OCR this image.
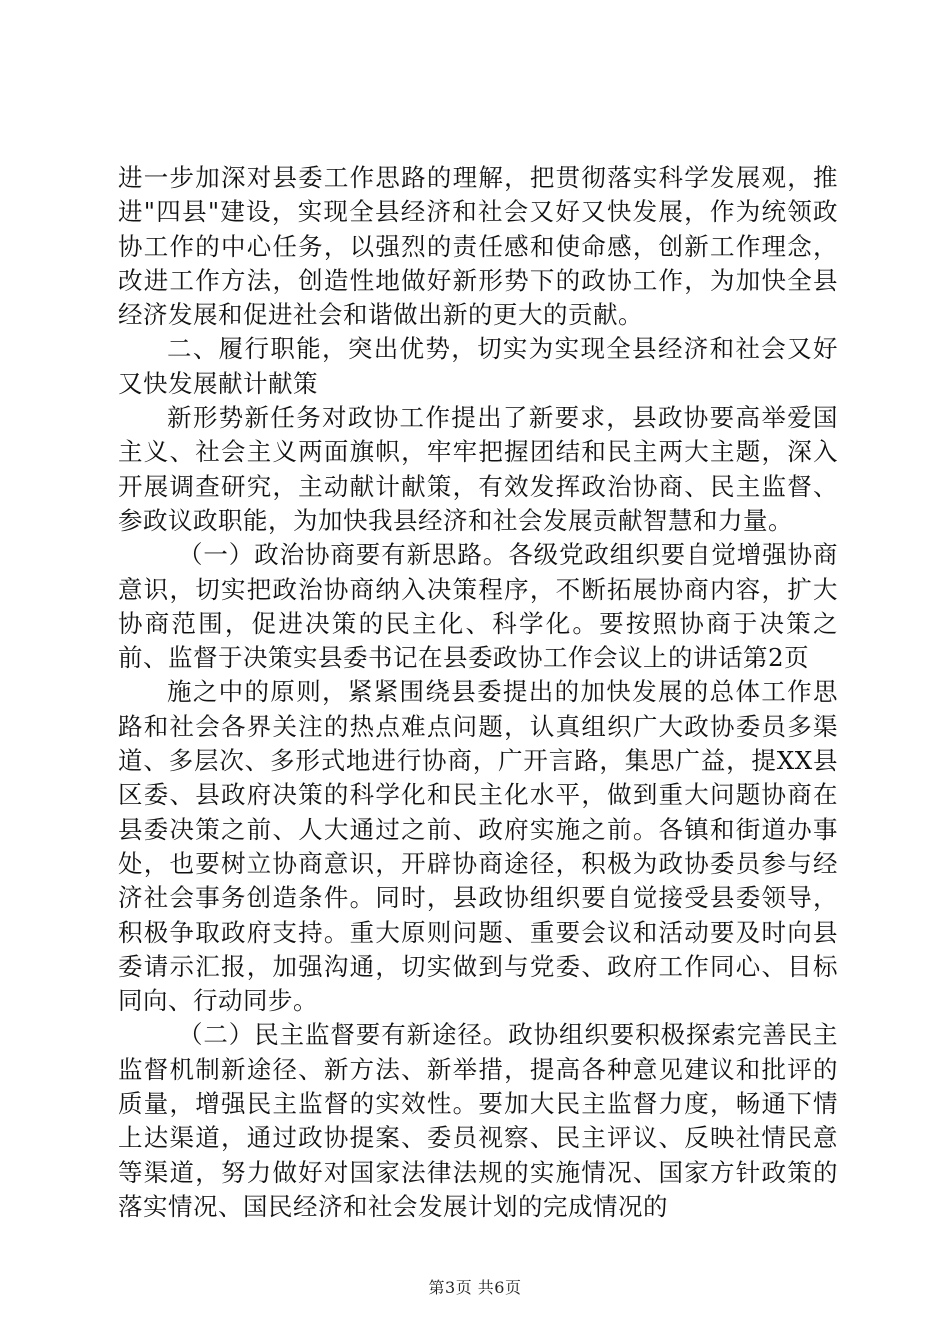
进一步加深对县委工作思路的理解，把贯彻落实科学发展观，推进"四县"建设，实现全县经济和社会又好又快发展，作为统领政协工作的中心任务，以强烈的责任感和使命感，创新工作理念，改进工作方法，创造性地做好新形势下的政协工作，为加快全县经济发展和促进社会和谐做出新的更大的贡献。

二、履行职能，突出优势，切实为实现全县经济和社会又好又快发展献计献策

新形势新任务对政协工作提出了新要求，县政协要高举爱国主义、社会主义两面旗帜，牢牢把握团结和民主两大主题，深入开展调查研究，主动献计献策，有效发挥政治协商、民主监督、参政议政职能，为加快我县经济和社会发展贡献智慧和力量。

（一）政治协商要有新思路。各级党政组织要自觉增强协商意识，切实把政治协商纳入决策程序，不断拓展协商内容，扩大协商范围，促进决策的民主化、科学化。要按照协商于决策之前、监督于决策实县委书记在县委政协工作会议上的讲话第2页

施之中的原则，紧紧围绕县委提出的加快发展的总体工作思路和社会各界关注的热点难点问题，认真组织广大政协委员多渠道、多层次、多形式地进行协商，广开言路，集思广益，提XX县区委、县政府决策的科学化和民主化水平，做到重大问题协商在县委决策之前、人大通过之前、政府实施之前。各镇和街道办事处，也要树立协商意识，开辟协商途径，积极为政协委员参与经济社会事务创造条件。同时，县政协组织要自觉接受县委领导，积极争取政府支持。重大原则问题、重要会议和活动要及时向县委请示汇报，加强沟通，切实做到与党委、政府工作同心、目标同向、行动同步。

（二）民主监督要有新途径。政协组织要积极探索完善民主监督机制新途径、新方法、新举措，提高各种意见建议和批评的质量，增强民主监督的实效性。要加大民主监督力度，畅通下情上达渠道，通过政协提案、委员视察、民主评议、反映社情民意等渠道，努力做好对国家法律法规的实施情况、国家方针政策的落实情况、国民经济和社会发展计划的完成情况的

第3页 共6页
